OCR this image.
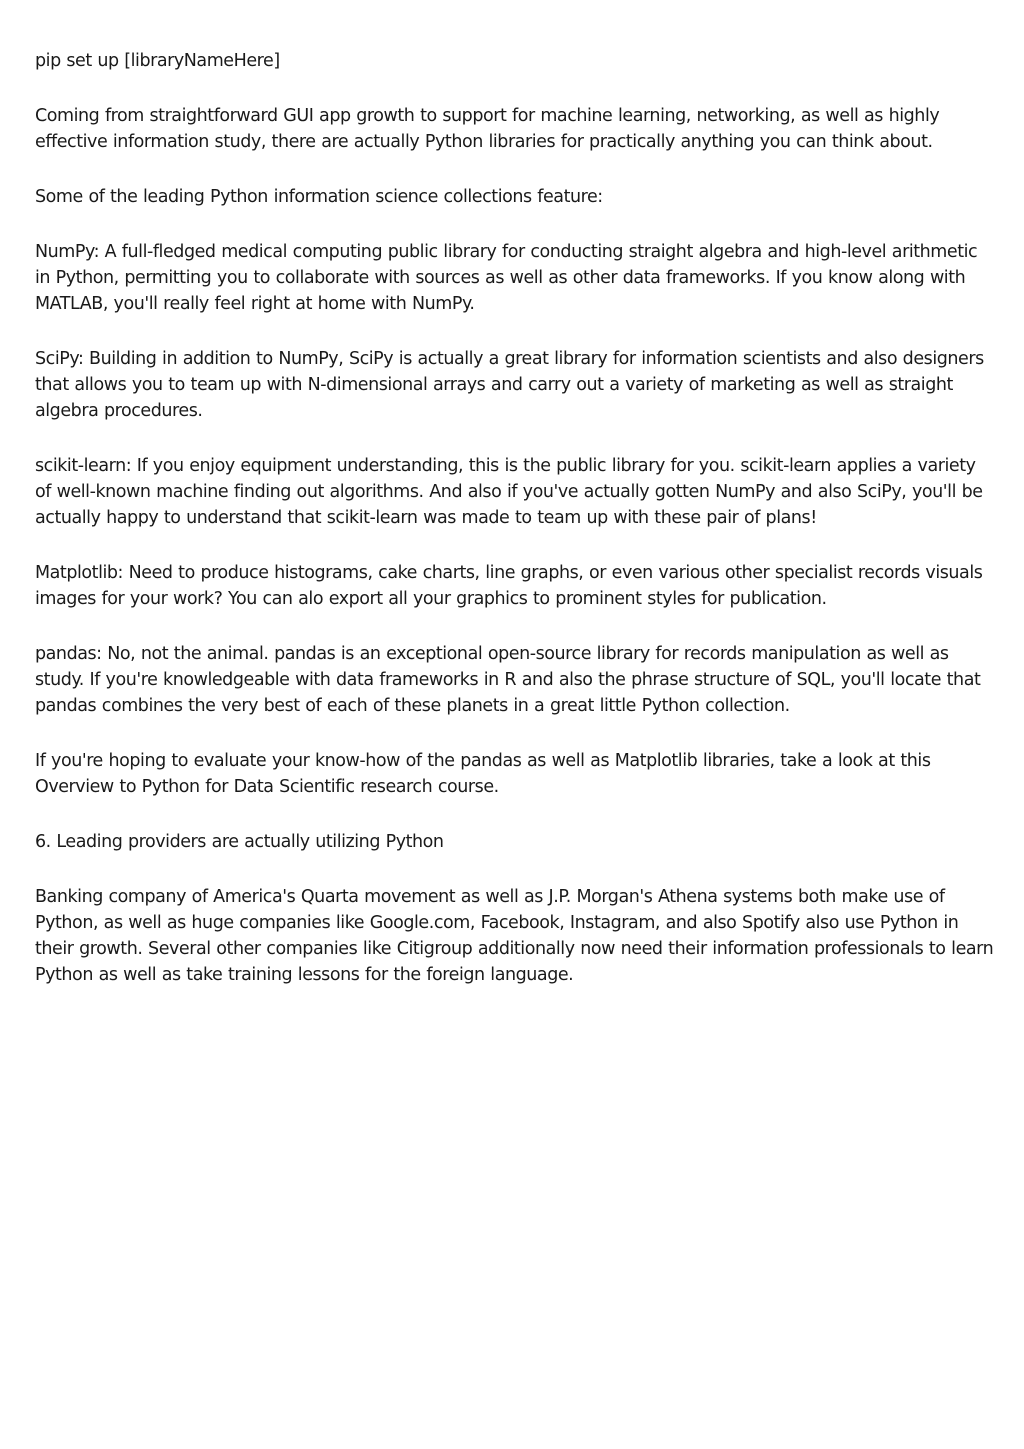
pip set up [libraryNameHere]

Coming from straightforward GUI app growth to support for machine learning, networking, as well as highly effective information study, there are actually Python libraries for practically anything you can think about.

Some of the leading Python information science collections feature:

NumPy: A full-fledged medical computing public library for conducting straight algebra and high-level arithmetic in Python, permitting you to collaborate with sources as well as other data frameworks. If you know along with MATLAB, you'll really feel right at home with NumPy.

SciPy: Building in addition to NumPy, SciPy is actually a great library for information scientists and also designers that allows you to team up with N-dimensional arrays and carry out a variety of marketing as well as straight algebra procedures.

scikit-learn: If you enjoy equipment understanding, this is the public library for you. scikit-learn applies a variety of well-known machine finding out algorithms. And also if you've actually gotten NumPy and also SciPy, you'll be actually happy to understand that scikit-learn was made to team up with these pair of plans!

Matplotlib: Need to produce histograms, cake charts, line graphs, or even various other specialist records visuals images for your work? You can alo export all your graphics to prominent styles for publication.

pandas: No, not the animal. pandas is an exceptional open-source library for records manipulation as well as study. If you're knowledgeable with data frameworks in R and also the phrase structure of SQL, you'll locate that pandas combines the very best of each of these planets in a great little Python collection.

If you're hoping to evaluate your know-how of the pandas as well as Matplotlib libraries, take a look at this Overview to Python for Data Scientific research course.

6. Leading providers are actually utilizing Python

Banking company of America's Quarta movement as well as J.P. Morgan's Athena systems both make use of Python, as well as huge companies like Google.com, Facebook, Instagram, and also Spotify also use Python in their growth. Several other companies like Citigroup additionally now need their information professionals to learn Python as well as take training lessons for the foreign language.
